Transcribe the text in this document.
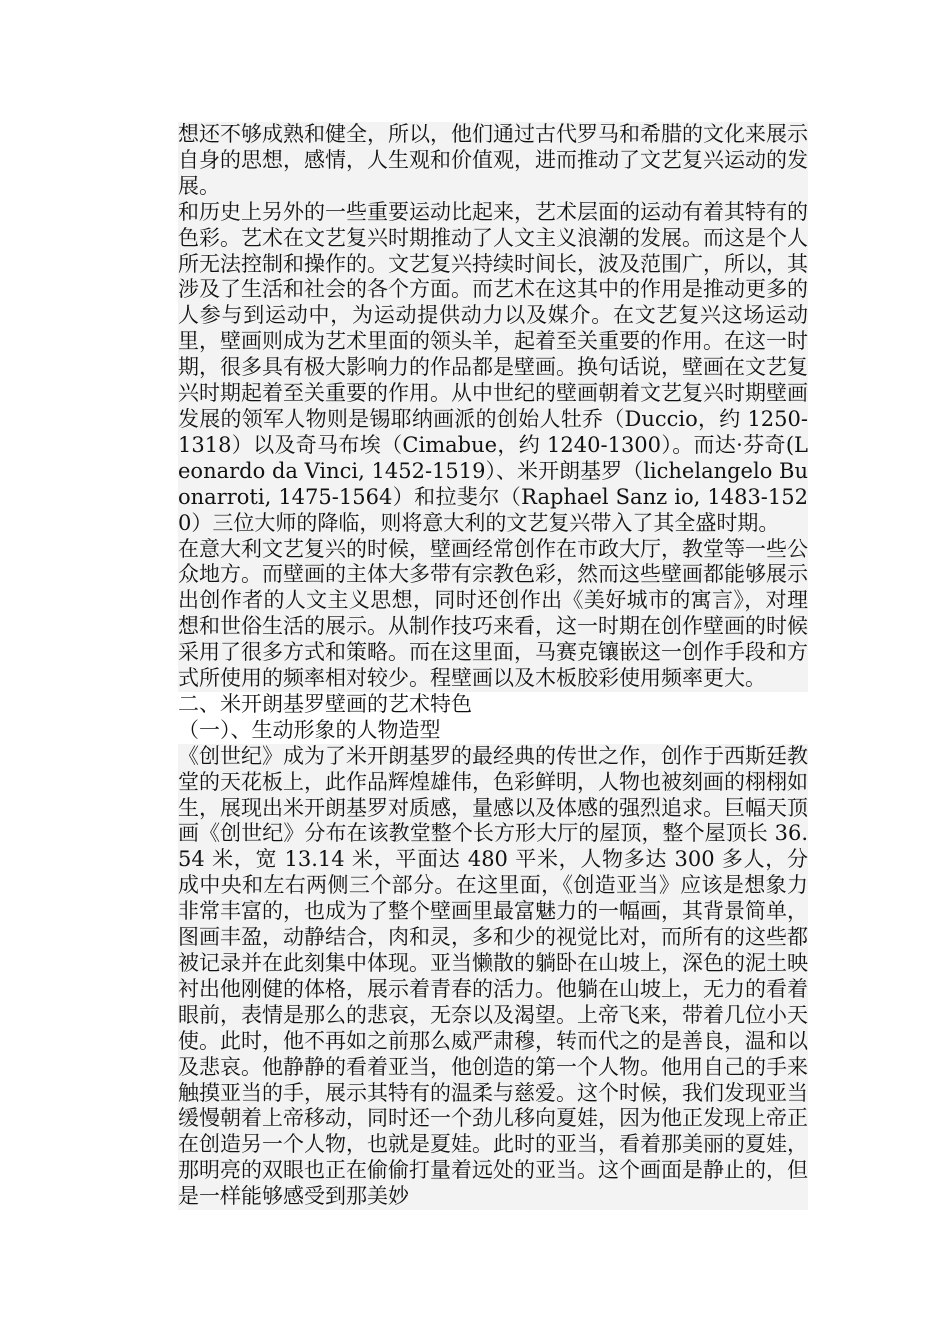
想还不够成熟和健全，所以，他们通过古代罗马和希腊的文化来展示自身的思想，感情，人生观和价值观，进而推动了文艺复兴运动的发展。

和历史上另外的一些重要运动比起来，艺术层面的运动有着其特有的色彩。艺术在文艺复兴时期推动了人文主义浪潮的发展。而这是个人所无法控制和操作的。文艺复兴持续时间长，波及范围广，所以，其涉及了生活和社会的各个方面。而艺术在这其中的作用是推动更多的人参与到运动中，为运动提供动力以及媒介。在文艺复兴这场运动里，壁画则成为艺术里面的领头羊，起着至关重要的作用。在这一时期，很多具有极大影响力的作品都是壁画。换句话说，壁画在文艺复兴时期起着至关重要的作用。从中世纪的壁画朝着文艺复兴时期壁画发展的领军人物则是锡耶纳画派的创始人牡乔（Duccio，约 1250-1318）以及奇马布埃（Cimabue，约 1240-1300）。而达·芬奇(Leonardo da Vinci, 1452-1519）、米开朗基罗（lichelangelo Buonarroti, 1475-1564）和拉斐尔（Raphael Sanz io, 1483-1520）三位大师的降临，则将意大利的文艺复兴带入了其全盛时期。

在意大利文艺复兴的时候，壁画经常创作在市政大厅，教堂等一些公众地方。而壁画的主体大多带有宗教色彩，然而这些壁画都能够展示出创作者的人文主义思想，同时还创作出《美好城市的寓言》，对理想和世俗生活的展示。从制作技巧来看，这一时期在创作壁画的时候采用了很多方式和策略。而在这里面，马赛克镶嵌这一创作手段和方式所使用的频率相对较少。程壁画以及木板胶彩使用频率更大。

二、米开朗基罗壁画的艺术特色

（一）、生动形象的人物造型

《创世纪》成为了米开朗基罗的最经典的传世之作，创作于西斯廷教堂的天花板上，此作品辉煌雄伟，色彩鲜明，人物也被刻画的栩栩如生，展现出米开朗基罗对质感，量感以及体感的强烈追求。巨幅天顶画《创世纪》分布在该教堂整个长方形大厅的屋顶，整个屋顶长 36.54 米，宽 13.14 米，平面达 480 平米，人物多达 300 多人，分成中央和左右两侧三个部分。在这里面，《创造亚当》应该是想象力非常丰富的，也成为了整个壁画里最富魅力的一幅画，其背景简单，图画丰盈，动静结合，肉和灵，多和少的视觉比对，而所有的这些都被记录并在此刻集中体现。亚当懒散的躺卧在山坡上，深色的泥土映衬出他刚健的体格，展示着青春的活力。他躺在山坡上，无力的看着眼前，表情是那么的悲哀，无奈以及渴望。上帝飞来，带着几位小天使。此时，他不再如之前那么威严肃穆，转而代之的是善良，温和以及悲哀。他静静的看着亚当，他创造的第一个人物。他用自己的手来触摸亚当的手，展示其特有的温柔与慈爱。这个时候，我们发现亚当缓慢朝着上帝移动，同时还一个劲儿移向夏娃，因为他正发现上帝正在创造另一个人物，也就是夏娃。此时的亚当，看着那美丽的夏娃，那明亮的双眼也正在偷偷打量着远处的亚当。这个画面是静止的，但是一样能够感受到那美妙
